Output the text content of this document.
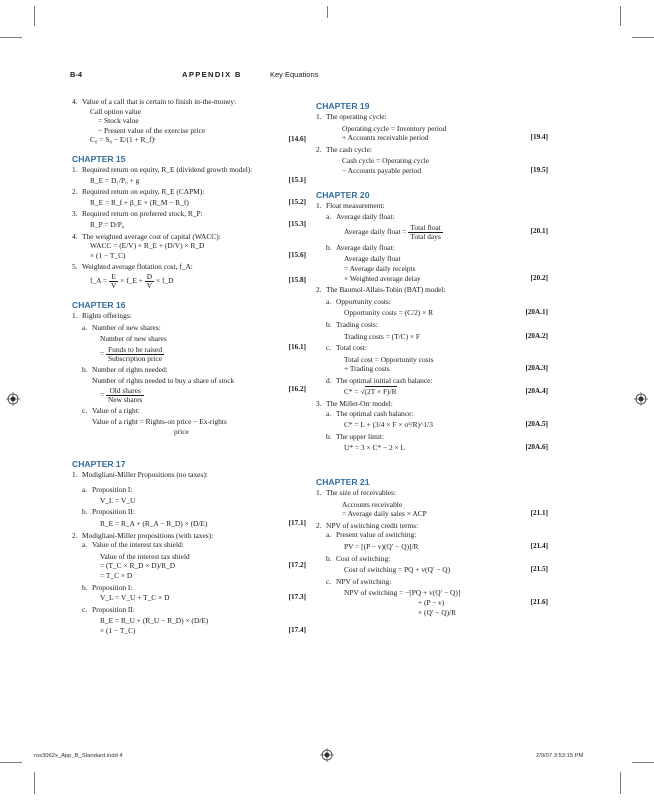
B-4	APPENDIX B	Key Equations
4. Value of a call that is certain to finish in-the-money:
Call option value
= Stock value
− Present value of the exercise price
C₀ = S₀ − E/(1 + R_f)ᵗ	[14.6]
CHAPTER 15
1. Required return on equity, R_E (dividend growth model):
R_E = D₁/P₀ + g	[15.1]
2. Required return on equity, R_E (CAPM):
R_E = R_f + β_E × (R_M − R_f)	[15.2]
3. Required return on preferred stock, R_P:
R_P = D/P₀	[15.3]
4. The weighted average cost of capital (WACC):
WACC = (E/V) × R_E + (D/V) × R_D
× (1 − T_C)	[15.6]
5. Weighted average flotation cost, f_A:
f_A = $\frac{E}{V}$ × f_E + $\frac{D}{V}$ × f_D	[15.8]
CHAPTER 16
1. Rights offerings:
a. Number of new shares:
Number of new shares
= $\frac{\text{Funds to be raised}}{\text{Subscription price}}$	[16.1]
b. Number of rights needed:
Number of rights needed to buy a share of stock
= $\frac{\text{Old shares}}{\text{New shares}}$	[16.2]
c. Value of a right:
Value of a right = Rights-on price − Ex-rights
price
CHAPTER 17
1. Modigliani-Miller Propositions (no taxes):
a. Proposition I:
V_L = V_U
b. Proposition II:
R_E = R_A + (R_A − R_D) × (D/E)	[17.1]
2. Modigliani-Miller propositions (with taxes):
a. Value of the interest tax shield:
Value of the interest tax shield
= (T_C × R_D × D)/R_D
= T_C × D
[17.2]
b. Proposition I:
V_L = V_U + T_C × D	[17.3]
c. Proposition II:
R_E = R_U + (R_U − R_D) × (D/E)
× (1 − T_C)	[17.4]
CHAPTER 19
1. The operating cycle:
Operating cycle = Inventory period
+ Accounts receivable period	[19.4]
2. The cash cycle:
Cash cycle = Operating cycle
− Accounts payable period	[19.5]
CHAPTER 20
1. Float measurement:
a. Average daily float:
Average daily float = $\frac{\text{Total float}}{\text{Total days}}$	[20.1]
b. Average daily float:
Average daily float
= Average daily receipts
× Weighted average delay	[20.2]
2. The Baumol-Allais-Tobin (BAT) model:
a. Opportunity costs:
Opportunity costs = (C/2) × R	[20A.1]
b. Trading costs:
Trading costs = (T/C) × F	[20A.2]
c. Total cost:
Total cost = Opportunity costs
+ Trading costs	[20A.3]
d. The optimal initial cash balance:
C* = √(2T × F)/R	[20A.4]
3. The Miller-Orr model:
a. The optimal cash balance:
C* = L + (3/4 × F × σ²/R)^1/3	[20A.5]
b. The upper limit:
U* = 3 × C* − 2 × L	[20A.6]
CHAPTER 21
1. The size of receivables:
Accounts receivable
= Average daily sales × ACP	[21.1]
2. NPV of switching credit terms:
a. Present value of switching:
PV = [(P − v)(Q′ − Q)]/R	[21.4]
b. Cost of switching:
Cost of switching = PQ + v(Q′ − Q)	[21.5]
c. NPV of switching:
NPV of switching = −[PQ + v(Q′ − Q)]
+ (P − v)
× (Q′ − Q)/R
[21.6]
ros3062x_App_B_Standard.indd 4	2/9/07 3:53:15 PM
